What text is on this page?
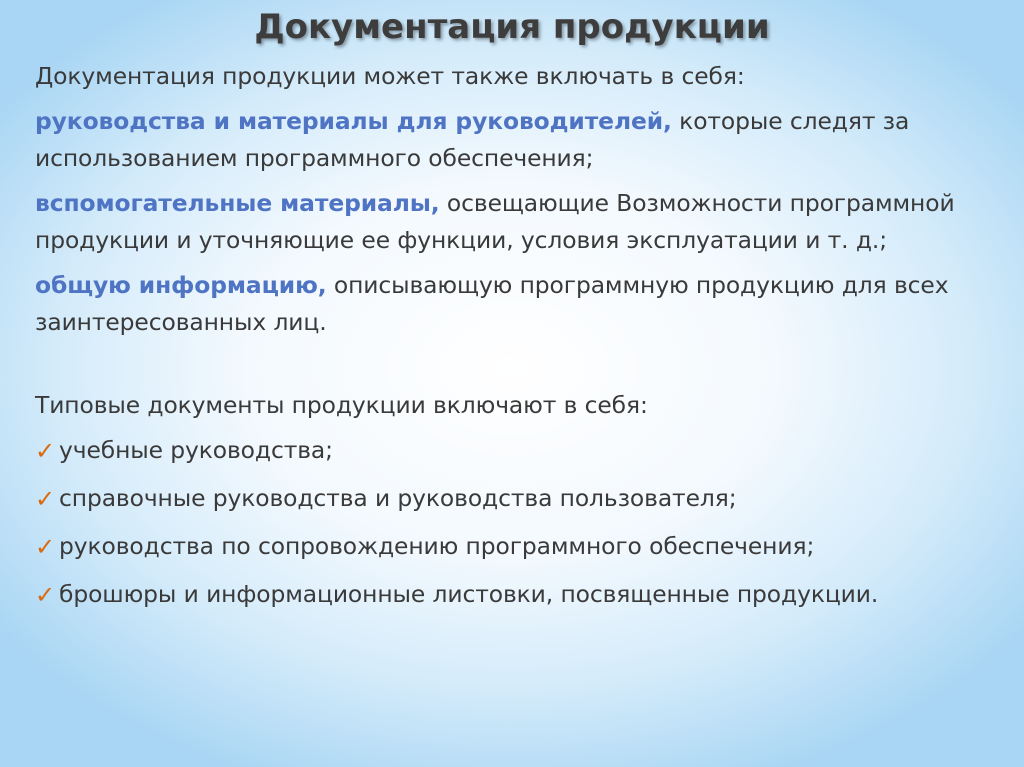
Документация продукции
Документация продукции может также включать в себя:
руководства и материалы для руководителей, которые следят за использованием программного обеспечения;
вспомогательные материалы, освещающие Возможности программной продукции и уточняющие ее функции, условия эксплуатации и т. д.;
общую информацию, описывающую программную продукцию для всех заинтересованных лиц.
Типовые документы продукции включают в себя:
✓ учебные руководства;
✓ справочные руководства и руководства пользователя;
✓ руководства по сопровождению программного обеспечения;
✓ брошюры и информационные листовки, посвященные продукции.
